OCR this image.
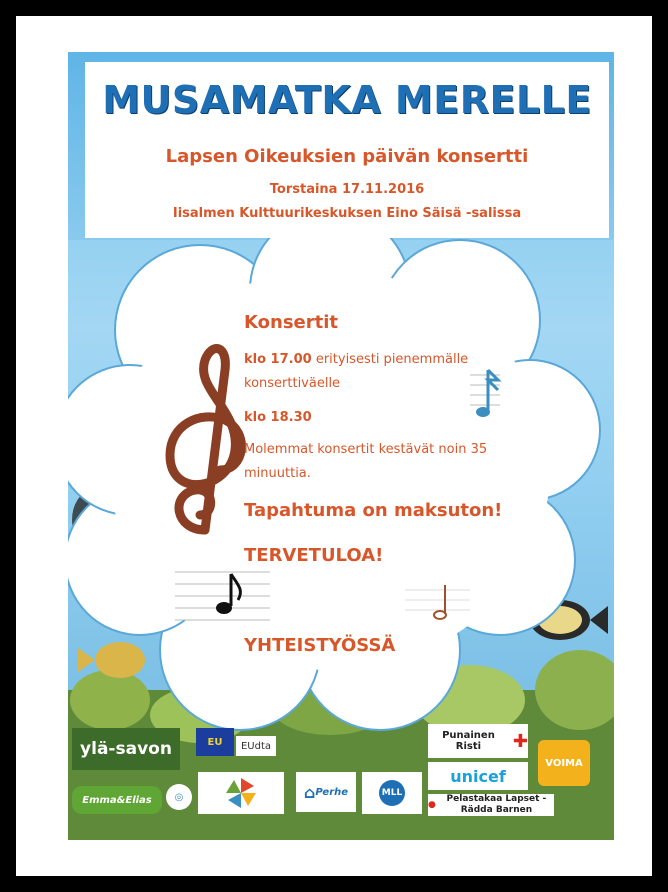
MUSAMATKA MERELLE
Lapsen Oikeuksien päivän konsertti
Torstaina 17.11.2016
Iisalmen Kulttuurikeskuksen Eino Säisä -salissa
Konsertit
klo 17.00 erityisesti pienemmälle
konserttiväelle
klo 18.30
Molemmat konsertit kestävät noin 35
minuuttia.
Tapahtuma on maksuton!
TERVETULOA!
YHTEISTYÖSSÄ
ylä-savon	EU	EUdta
Punainen Risti	✚
unicef
VOIMA
Emma&Elias	◎	⌂ Perhe	MLL
●
Pelastakaa Lapset - Rädda Barnen
